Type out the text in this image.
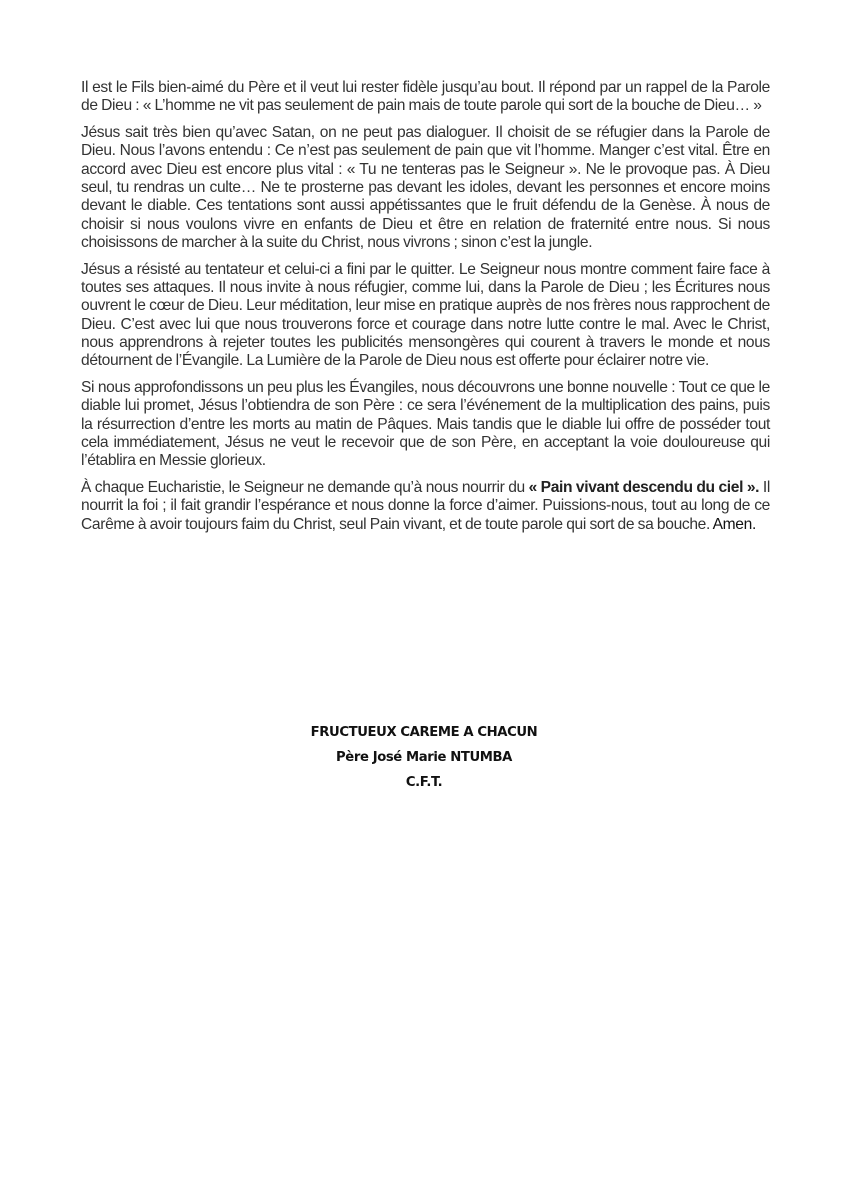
Il est le Fils bien-aimé du Père et il veut lui rester fidèle jusqu’au bout. Il répond par un rappel de la Parole de Dieu : « L’homme ne vit pas seulement de pain mais de toute parole qui sort de la bouche de Dieu… »

Jésus sait très bien qu’avec Satan, on ne peut pas dialoguer. Il choisit de se réfugier dans la Parole de Dieu. Nous l’avons entendu : Ce n’est pas seulement de pain que vit l’homme. Manger c’est vital. Être en accord avec Dieu est encore plus vital : « Tu ne tenteras pas le Seigneur ». Ne le provoque pas. À Dieu seul, tu rendras un culte… Ne te prosterne pas devant les idoles, devant les personnes et encore moins devant le diable. Ces tentations sont aussi appétissantes que le fruit défendu de la Genèse. À nous de choisir si nous voulons vivre en enfants de Dieu et être en relation de fraternité entre nous. Si nous choisissons de marcher à la suite du Christ, nous vivrons ; sinon c’est la jungle.

Jésus a résisté au tentateur et celui-ci a fini par le quitter. Le Seigneur nous montre comment faire face à toutes ses attaques. Il nous invite à nous réfugier, comme lui, dans la Parole de Dieu ; les Écritures nous ouvrent le cœur de Dieu. Leur méditation, leur mise en pratique auprès de nos frères nous rapprochent de Dieu. C’est avec lui que nous trouverons force et courage dans notre lutte contre le mal. Avec le Christ, nous apprendrons à rejeter toutes les publicités mensongères qui courent à travers le monde et nous détournent de l’Évangile. La Lumière de la Parole de Dieu nous est offerte pour éclairer notre vie.

Si nous approfondissons un peu plus les Évangiles, nous découvrons une bonne nouvelle : Tout ce que le diable lui promet, Jésus l’obtiendra de son Père : ce sera l’événement de la multiplication des pains, puis la résurrection d’entre les morts au matin de Pâques. Mais tandis que le diable lui offre de posséder tout cela immédiatement, Jésus ne veut le recevoir que de son Père, en acceptant la voie douloureuse qui l’établira en Messie glorieux.

À chaque Eucharistie, le Seigneur ne demande qu’à nous nourrir du « Pain vivant descendu du ciel ». Il nourrit la foi ; il fait grandir l’espérance et nous donne la force d’aimer. Puissions-nous, tout au long de ce Carême à avoir toujours faim du Christ, seul Pain vivant, et de toute parole qui sort de sa bouche. Amen.

FRUCTUEUX CAREME A CHACUN
Père José Marie NTUMBA
C.F.T.
